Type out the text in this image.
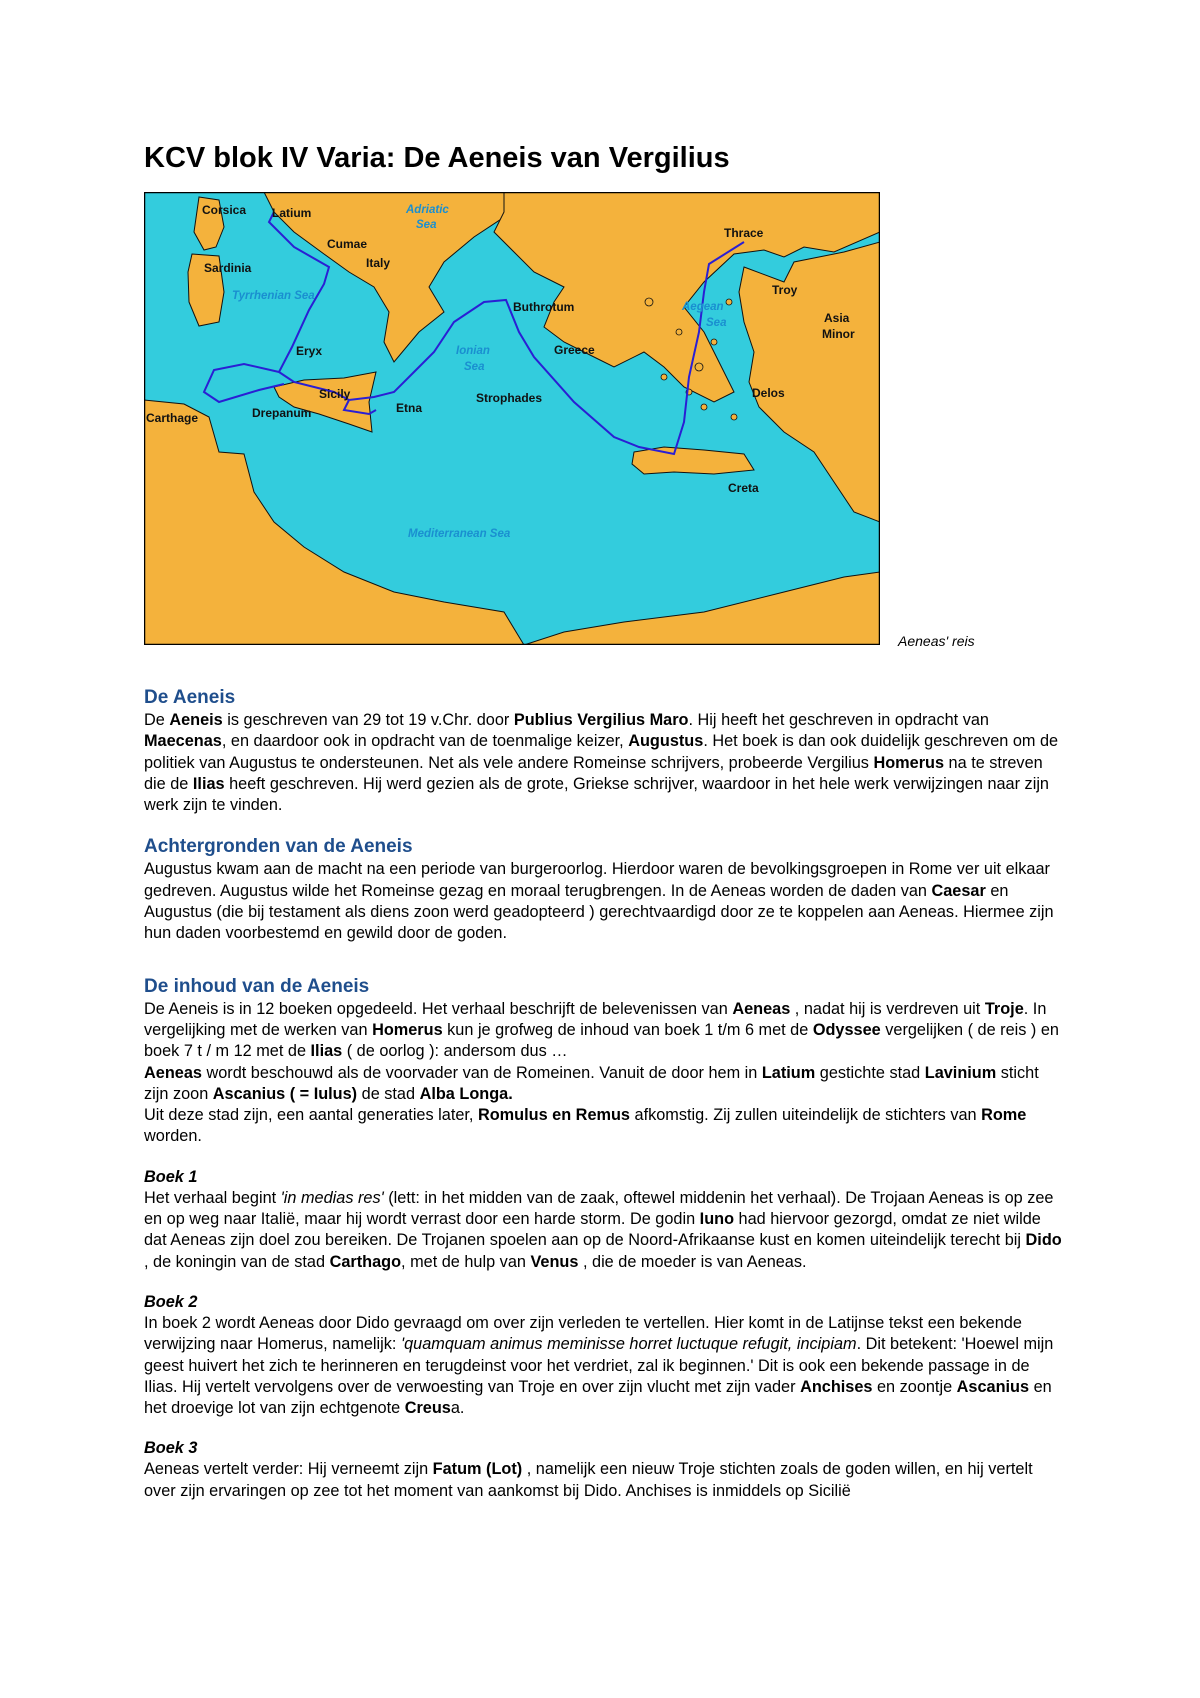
KCV blok IV Varia: De Aeneis van Vergilius
Corsica Latium	Adriatic
Sea
Cumae
Italy
Sardinia
Tyrrhenian Sea
Eryx
Sicily
Drepanum
Carthage
Etna
Ionian
Sea
Buthrotum
Greece
Strophades
Thrace
Troy
Aegean
Sea	Asia
Minor
Delos
Creta
Mediterranean Sea
Aeneas' reis
De Aeneis

De Aeneis is geschreven van 29 tot 19 v.Chr. door Publius Vergilius Maro. Hij heeft het geschreven in opdracht van Maecenas, en daardoor ook in opdracht van de toenmalige keizer, Augustus. Het boek is dan ook duidelijk geschreven om de politiek van Augustus te ondersteunen. Net als vele andere Romeinse schrijvers, probeerde Vergilius Homerus na te streven die de Ilias heeft geschreven. Hij werd gezien als de grote, Griekse schrijver, waardoor in het hele werk verwijzingen naar zijn werk zijn te vinden.

Achtergronden van de Aeneis

Augustus kwam aan de macht na een periode van burgeroorlog. Hierdoor waren de bevolkingsgroepen in Rome ver uit elkaar gedreven. Augustus wilde het Romeinse gezag en moraal terugbrengen. In de Aeneas worden de daden van Caesar en Augustus (die bij testament als diens zoon werd geadopteerd ) gerechtvaardigd door ze te koppelen aan Aeneas. Hiermee zijn hun daden voorbestemd en gewild door de goden.

De inhoud van de Aeneis

De Aeneis is in 12 boeken opgedeeld. Het verhaal beschrijft de belevenissen van Aeneas , nadat hij is verdreven uit Troje. In vergelijking met de werken van Homerus kun je grofweg de inhoud van boek 1 t/m 6 met de Odyssee vergelijken ( de reis ) en boek 7 t / m 12 met de Ilias ( de oorlog ): andersom dus …

Aeneas wordt beschouwd als de voorvader van de Romeinen. Vanuit de door hem in Latium gestichte stad Lavinium sticht zijn zoon Ascanius ( = Iulus) de stad Alba Longa.

Uit deze stad zijn, een aantal generaties later, Romulus en Remus afkomstig. Zij zullen uiteindelijk de stichters van Rome worden.

Boek 1

Het verhaal begint 'in medias res' (lett: in het midden van de zaak, oftewel middenin het verhaal). De Trojaan Aeneas is op zee en op weg naar Italië, maar hij wordt verrast door een harde storm. De godin Iuno had hiervoor gezorgd, omdat ze niet wilde dat Aeneas zijn doel zou bereiken. De Trojanen spoelen aan op de Noord-Afrikaanse kust en komen uiteindelijk terecht bij Dido , de koningin van de stad Carthago, met de hulp van Venus , die de moeder is van Aeneas.

Boek 2

In boek 2 wordt Aeneas door Dido gevraagd om over zijn verleden te vertellen. Hier komt in de Latijnse tekst een bekende verwijzing naar Homerus, namelijk: 'quamquam animus meminisse horret luctuque refugit, incipiam. Dit betekent: 'Hoewel mijn geest huivert het zich te herinneren en terugdeinst voor het verdriet, zal ik beginnen.' Dit is ook een bekende passage in de Ilias. Hij vertelt vervolgens over de verwoesting van Troje en over zijn vlucht met zijn vader Anchises en zoontje Ascanius en het droevige lot van zijn echtgenote Creusa.

Boek 3

Aeneas vertelt verder: Hij verneemt zijn Fatum (Lot) , namelijk een nieuw Troje stichten zoals de goden willen, en hij vertelt over zijn ervaringen op zee tot het moment van aankomst bij Dido. Anchises is inmiddels op Sicilië
